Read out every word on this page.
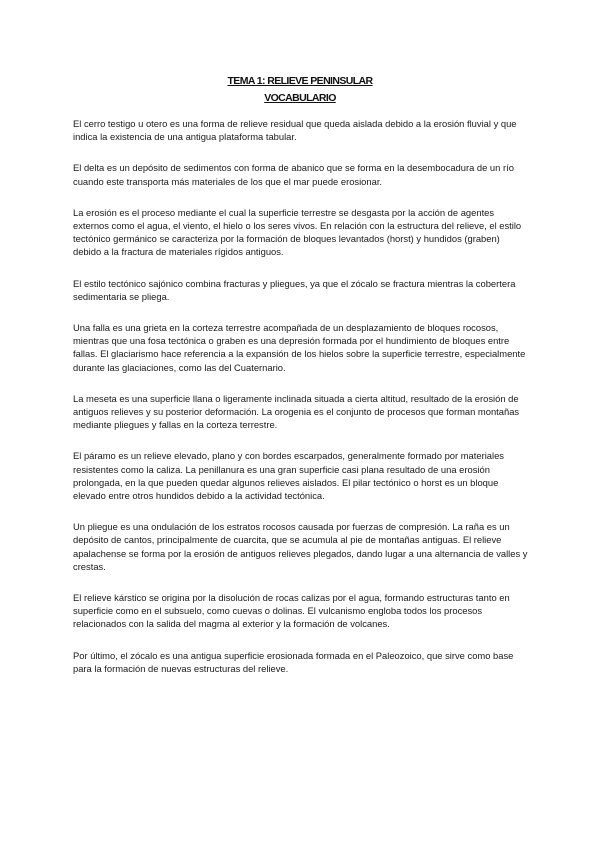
TEMA 1: RELIEVE PENINSULAR
VOCABULARIO

El cerro testigo u otero es una forma de relieve residual que queda aislada debido a la erosión fluvial y que indica la existencia de una antigua plataforma tabular.

El delta es un depósito de sedimentos con forma de abanico que se forma en la desembocadura de un río cuando este transporta más materiales de los que el mar puede erosionar.

La erosión es el proceso mediante el cual la superficie terrestre se desgasta por la acción de agentes externos como el agua, el viento, el hielo o los seres vivos. En relación con la estructura del relieve, el estilo tectónico germánico se caracteriza por la formación de bloques levantados (horst) y hundidos (graben) debido a la fractura de materiales rígidos antiguos.

El estilo tectónico sajónico combina fracturas y pliegues, ya que el zócalo se fractura mientras la cobertera sedimentaria se pliega.

Una falla es una grieta en la corteza terrestre acompañada de un desplazamiento de bloques rocosos, mientras que una fosa tectónica o graben es una depresión formada por el hundimiento de bloques entre fallas. El glaciarismo hace referencia a la expansión de los hielos sobre la superficie terrestre, especialmente durante las glaciaciones, como las del Cuaternario.

La meseta es una superficie llana o ligeramente inclinada situada a cierta altitud, resultado de la erosión de antiguos relieves y su posterior deformación. La orogenia es el conjunto de procesos que forman montañas mediante pliegues y fallas en la corteza terrestre.

El páramo es un relieve elevado, plano y con bordes escarpados, generalmente formado por materiales resistentes como la caliza. La penillanura es una gran superficie casi plana resultado de una erosión prolongada, en la que pueden quedar algunos relieves aislados. El pilar tectónico o horst es un bloque elevado entre otros hundidos debido a la actividad tectónica.

Un pliegue es una ondulación de los estratos rocosos causada por fuerzas de compresión. La raña es un depósito de cantos, principalmente de cuarcita, que se acumula al pie de montañas antiguas. El relieve apalachense se forma por la erosión de antiguos relieves plegados, dando lugar a una alternancia de valles y crestas.

El relieve kárstico se origina por la disolución de rocas calizas por el agua, formando estructuras tanto en superficie como en el subsuelo, como cuevas o dolinas. El vulcanismo engloba todos los procesos relacionados con la salida del magma al exterior y la formación de volcanes.

Por último, el zócalo es una antigua superficie erosionada formada en el Paleozoico, que sirve como base para la formación de nuevas estructuras del relieve.
